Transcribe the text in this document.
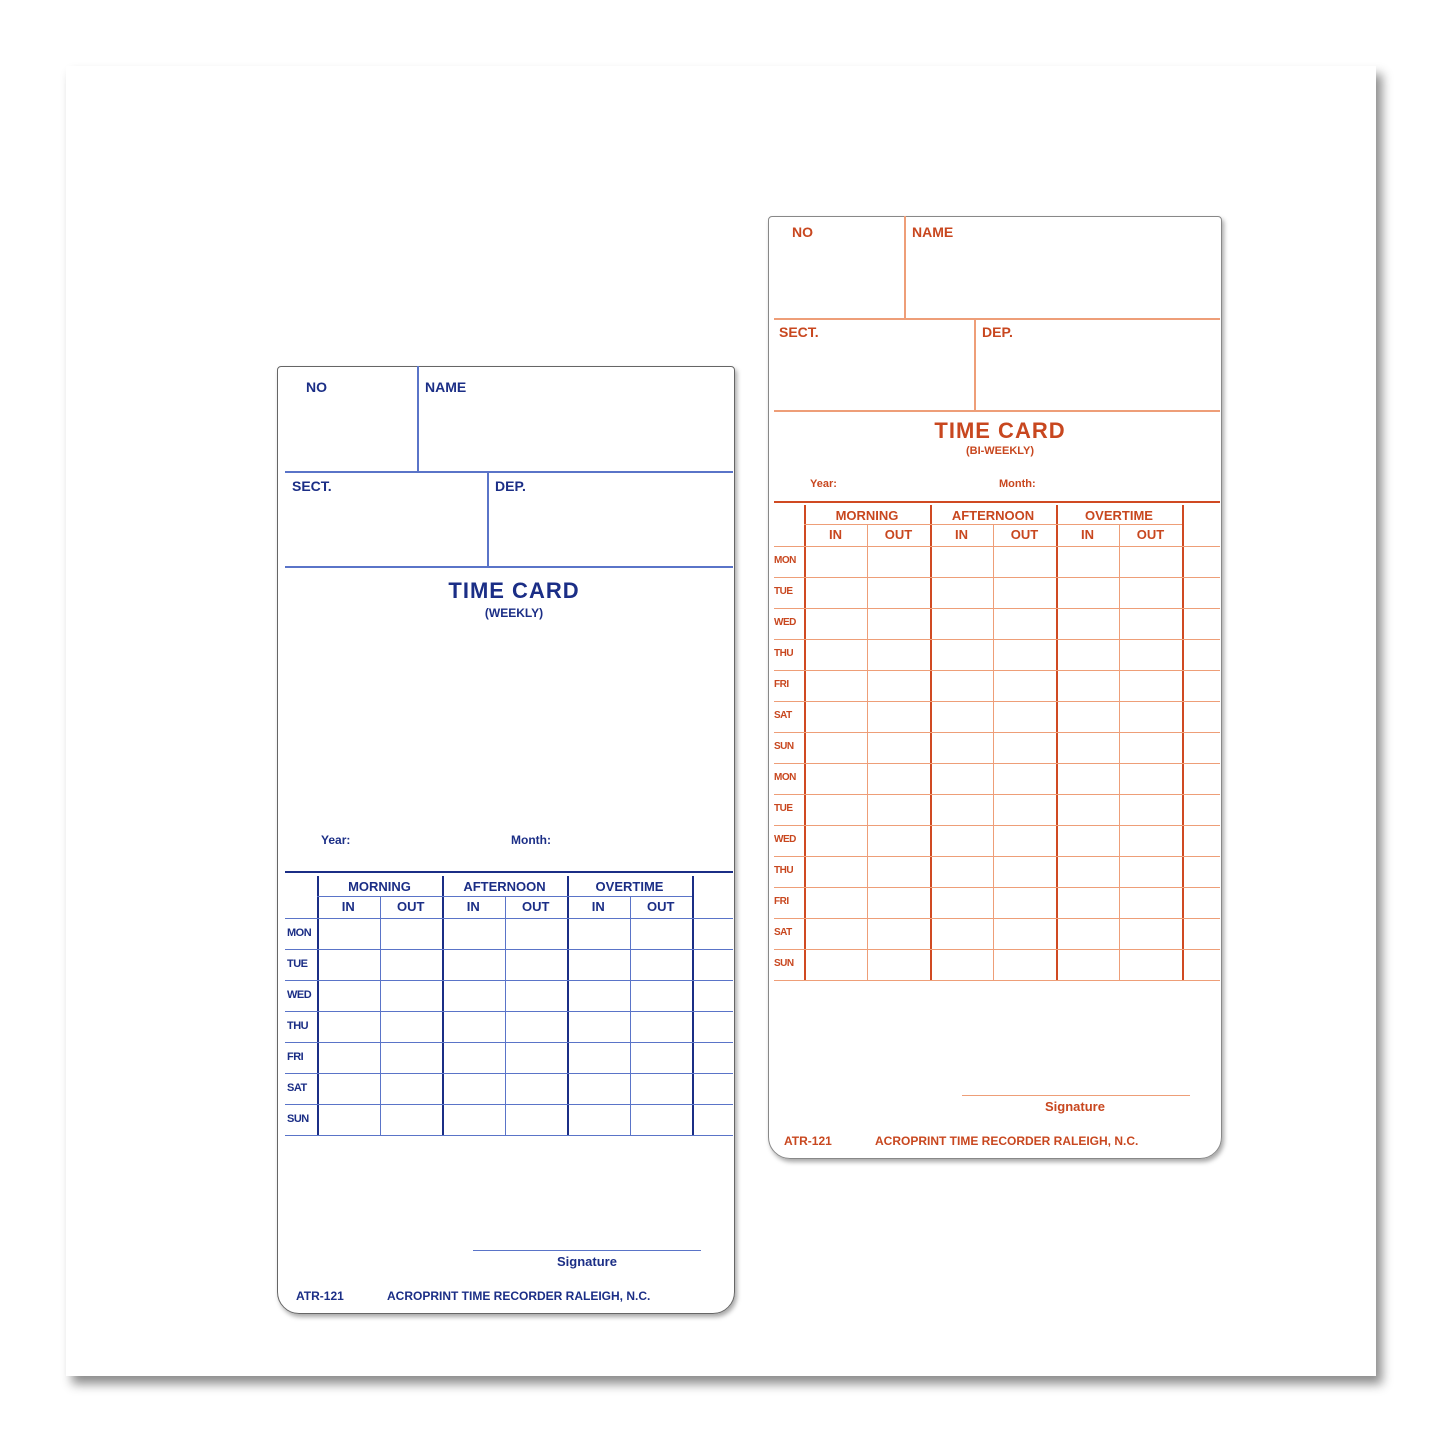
NO	NAME
SECT.	DEP.
TIME CARD
(WEEKLY)
Year:	Month:
MORNING	AFTERNOON	OVERTIME
IN	OUT	IN	OUT	IN	OUT
MON
TUE
WED
THU
FRI
SAT
SUN
Signature
ATR-121	ACROPRINT TIME RECORDER RALEIGH, N.C.
NO	NAME
SECT.	DEP.
TIME CARD
(BI-WEEKLY)
Year:	Month:
MORNING	AFTERNOON	OVERTIME
IN	OUT	IN	OUT	IN	OUT
MON
TUE
WED
THU
FRI
SAT
SUN
MON
TUE
WED
THU
FRI
SAT
SUN
Signature
ATR-121	ACROPRINT TIME RECORDER RALEIGH, N.C.
